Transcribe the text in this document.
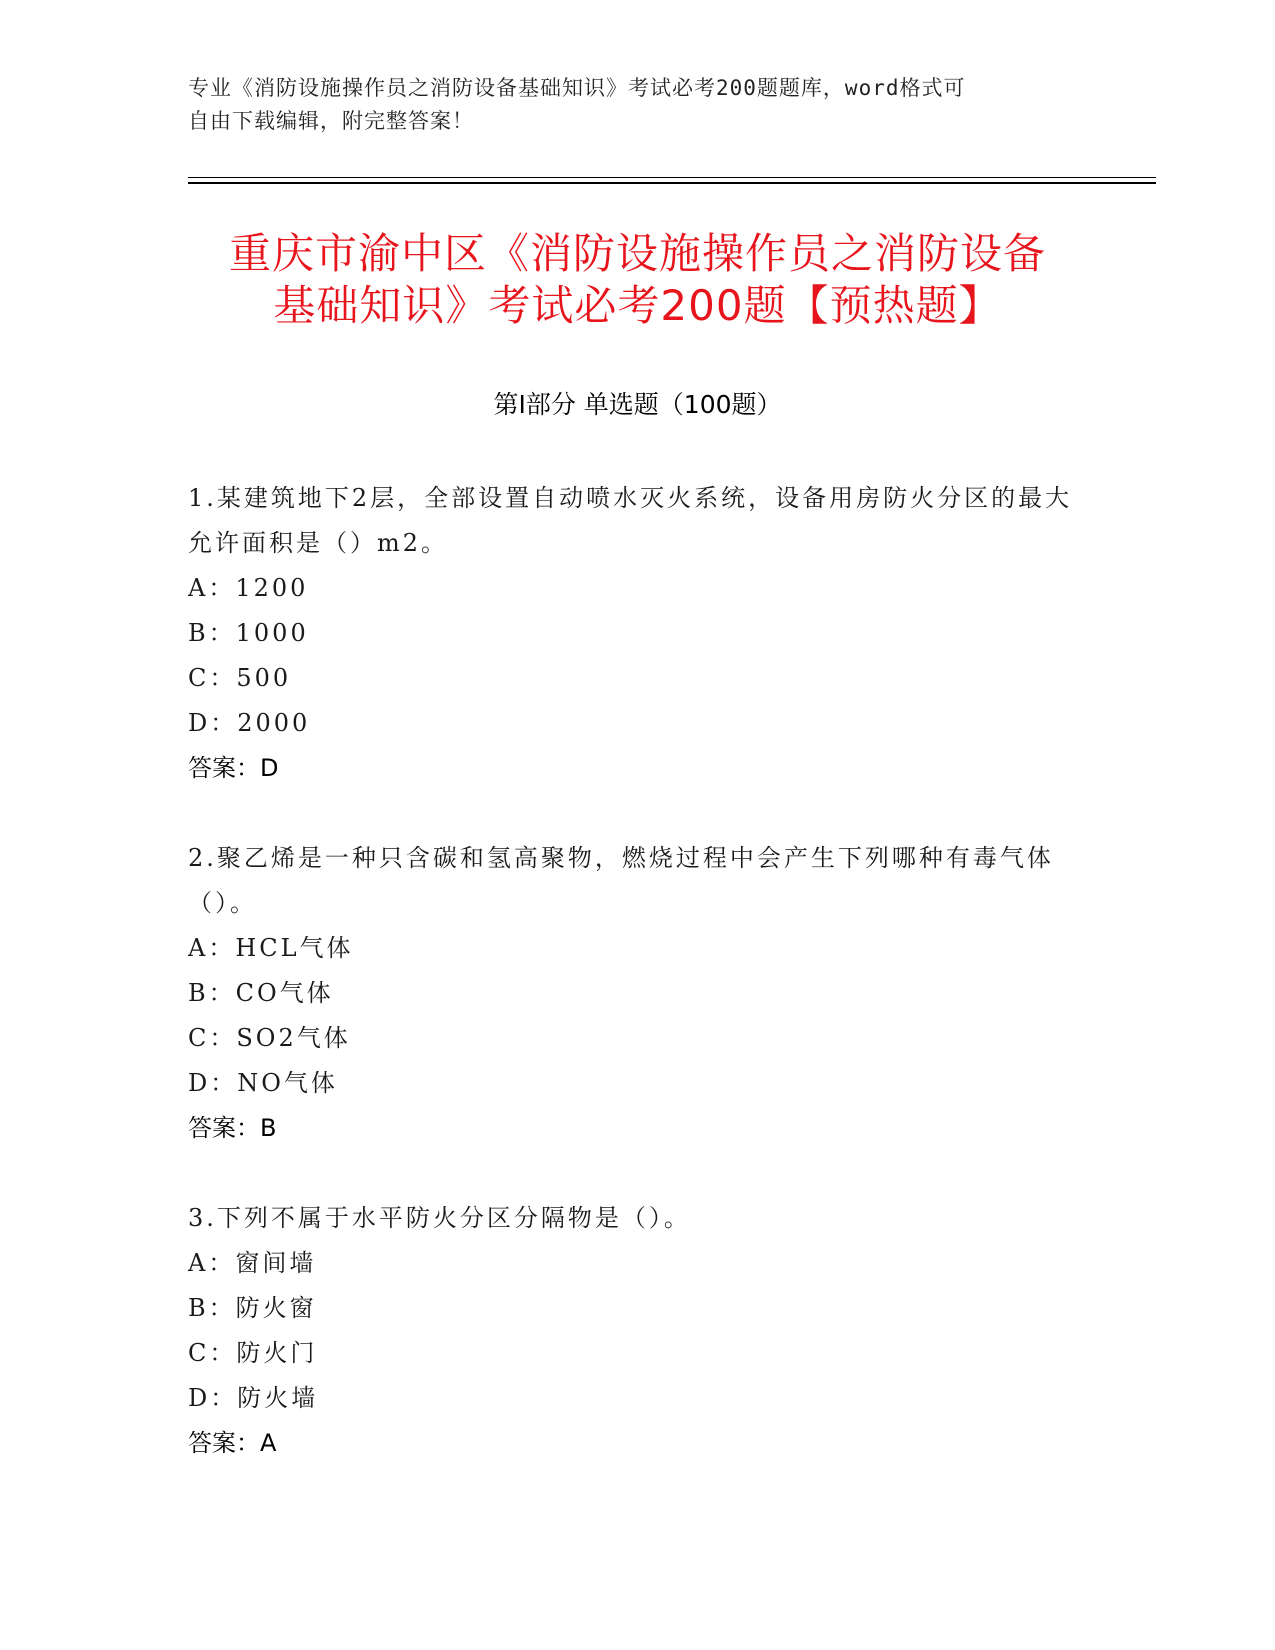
专业《消防设施操作员之消防设备基础知识》考试必考200题题库，word格式可
自由下载编辑，附完整答案！
重庆市渝中区《消防设施操作员之消防设备
基础知识》考试必考200题【预热题】
第I部分 单选题（100题）
1.某建筑地下2层，全部设置自动喷水灭火系统，设备用房防火分区的最大允许面积是（）m2。
A：1200
B：1000
C：500
D：2000
答案：D
2.聚乙烯是一种只含碳和氢高聚物，燃烧过程中会产生下列哪种有毒气体（）。
A：HCL气体
B：CO气体
C：SO2气体
D：NO气体
答案：B
3.下列不属于水平防火分区分隔物是（）。
A：窗间墙
B：防火窗
C：防火门
D：防火墙
答案：A
